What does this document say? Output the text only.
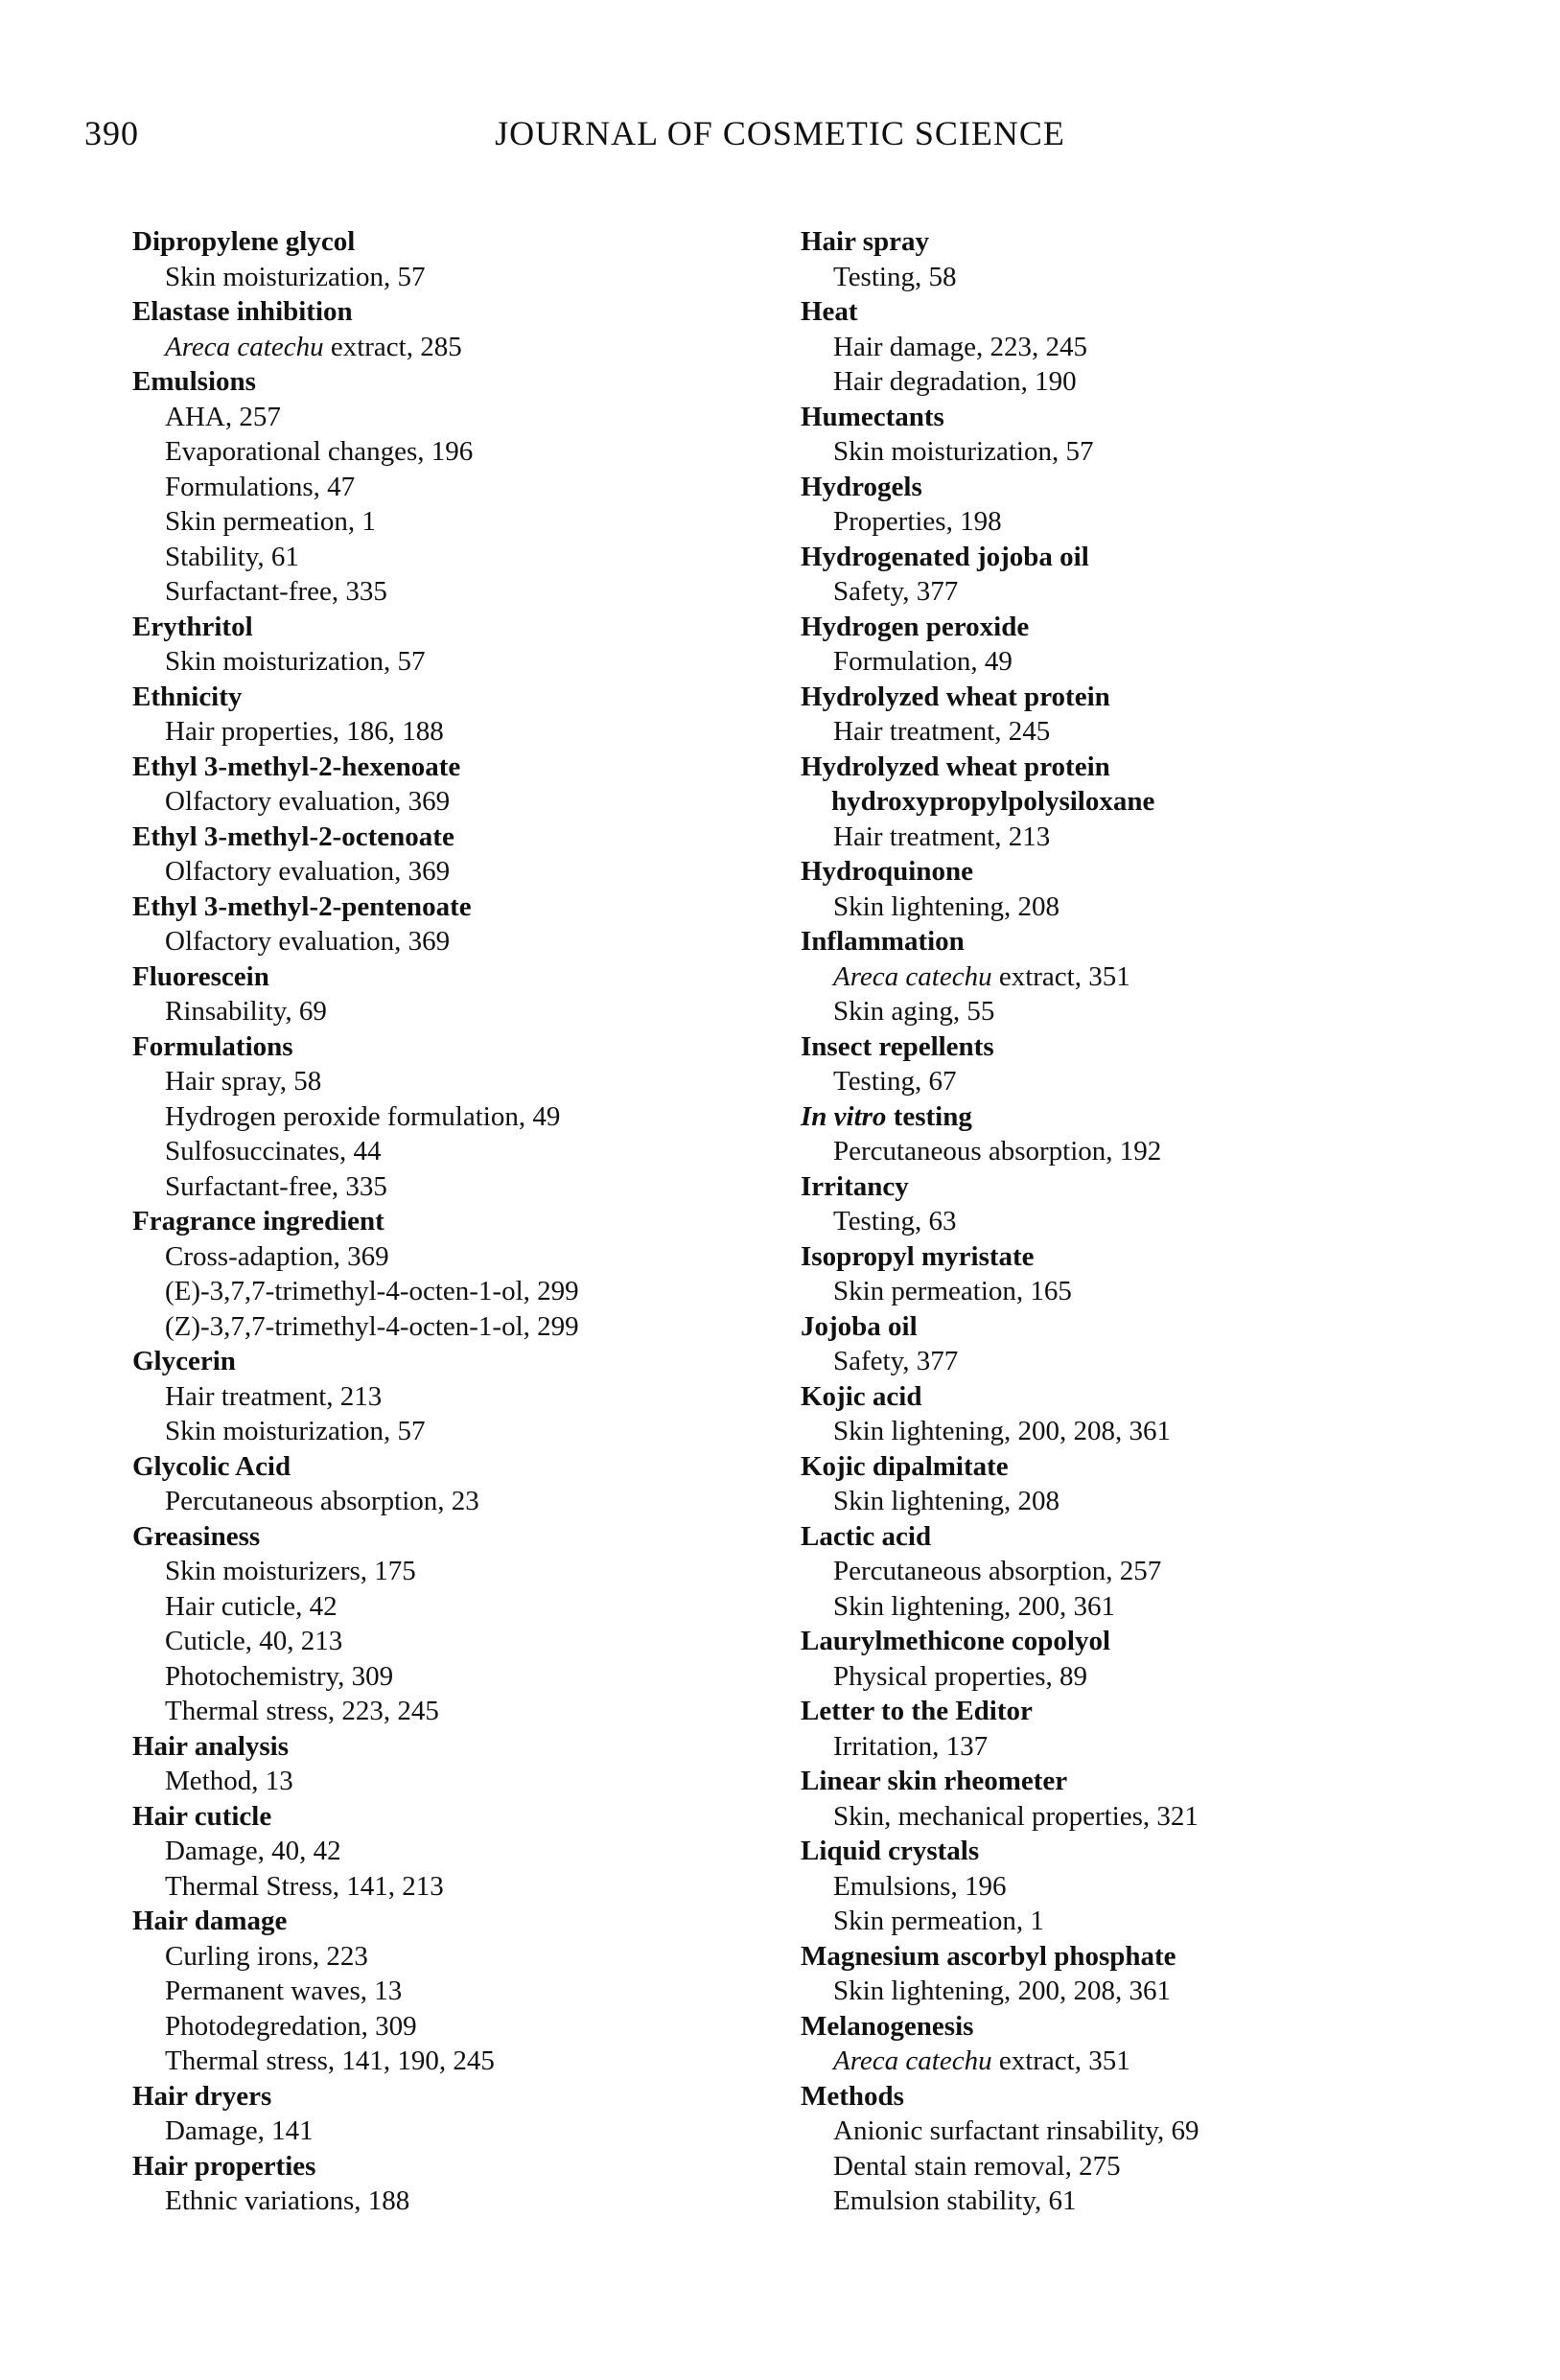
390	JOURNAL OF COSMETIC SCIENCE
Dipropylene glycol
Skin moisturization, 57
Elastase inhibition
Areca catechu extract, 285
Emulsions
AHA, 257
Evaporational changes, 196
Formulations, 47
Skin permeation, 1
Stability, 61
Surfactant-free, 335
Erythritol
Skin moisturization, 57
Ethnicity
Hair properties, 186, 188
Ethyl 3-methyl-2-hexenoate
Olfactory evaluation, 369
Ethyl 3-methyl-2-octenoate
Olfactory evaluation, 369
Ethyl 3-methyl-2-pentenoate
Olfactory evaluation, 369
Fluorescein
Rinsability, 69
Formulations
Hair spray, 58
Hydrogen peroxide formulation, 49
Sulfosuccinates, 44
Surfactant-free, 335
Fragrance ingredient
Cross-adaption, 369
(E)-3,7,7-trimethyl-4-octen-1-ol, 299
(Z)-3,7,7-trimethyl-4-octen-1-ol, 299
Glycerin
Hair treatment, 213
Skin moisturization, 57
Glycolic Acid
Percutaneous absorption, 23
Greasiness
Skin moisturizers, 175
Hair cuticle, 42
Cuticle, 40, 213
Photochemistry, 309
Thermal stress, 223, 245
Hair analysis
Method, 13
Hair cuticle
Damage, 40, 42
Thermal Stress, 141, 213
Hair damage
Curling irons, 223
Permanent waves, 13
Photodegredation, 309
Thermal stress, 141, 190, 245
Hair dryers
Damage, 141
Hair properties
Ethnic variations, 188
Hair spray
Testing, 58
Heat
Hair damage, 223, 245
Hair degradation, 190
Humectants
Skin moisturization, 57
Hydrogels
Properties, 198
Hydrogenated jojoba oil
Safety, 377
Hydrogen peroxide
Formulation, 49
Hydrolyzed wheat protein
Hair treatment, 245
Hydrolyzed wheat protein
hydroxypropylpolysiloxane
Hair treatment, 213
Hydroquinone
Skin lightening, 208
Inflammation
Areca catechu extract, 351
Skin aging, 55
Insect repellents
Testing, 67
In vitro testing
Percutaneous absorption, 192
Irritancy
Testing, 63
Isopropyl myristate
Skin permeation, 165
Jojoba oil
Safety, 377
Kojic acid
Skin lightening, 200, 208, 361
Kojic dipalmitate
Skin lightening, 208
Lactic acid
Percutaneous absorption, 257
Skin lightening, 200, 361
Laurylmethicone copolyol
Physical properties, 89
Letter to the Editor
Irritation, 137
Linear skin rheometer
Skin, mechanical properties, 321
Liquid crystals
Emulsions, 196
Skin permeation, 1
Magnesium ascorbyl phosphate
Skin lightening, 200, 208, 361
Melanogenesis
Areca catechu extract, 351
Methods
Anionic surfactant rinsability, 69
Dental stain removal, 275
Emulsion stability, 61
